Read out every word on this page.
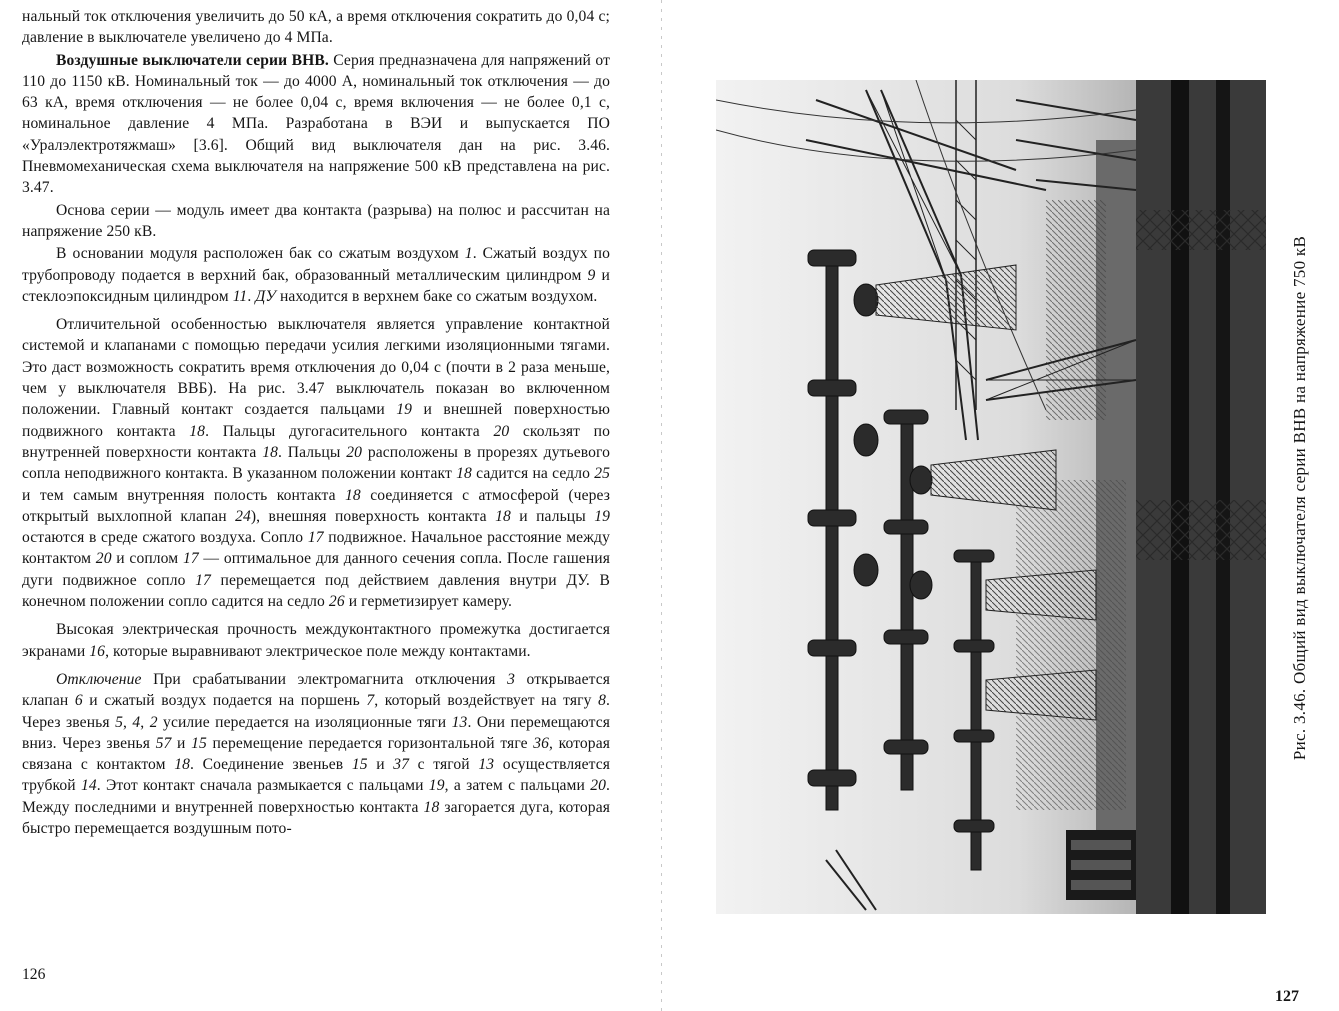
нальный ток отключения увеличить до 50 кА, а время отключения сократить до 0,04 с; давление в выключателе увеличено до 4 МПа.

Воздушные выключатели серии ВНВ. Серия предназначена для напряжений от 110 до 1150 кВ. Номинальный ток — до 4000 А, номинальный ток отключения — до 63 кА, время отключения — не более 0,04 с, время включения — не более 0,1 с, номинальное давление 4 МПа. Разработана в ВЭИ и выпускается ПО «Уралэлектротяжмаш» [3.6]. Общий вид выключателя дан на рис. 3.46. Пневмомеханическая схема выключателя на напряжение 500 кВ представлена на рис. 3.47.

Основа серии — модуль имеет два контакта (разрыва) на полюс и рассчитан на напряжение 250 кВ.

В основании модуля расположен бак со сжатым воздухом 1. Сжатый воздух по трубопроводу подается в верхний бак, образованный металлическим цилиндром 9 и стеклоэпоксидным цилиндром 11. ДУ находится в верхнем баке со сжатым воздухом.

Отличительной особенностью выключателя является управление контактной системой и клапанами с помощью передачи усилия легкими изоляционными тягами. Это даст возможность сократить время отключения до 0,04 с (почти в 2 раза меньше, чем у выключателя ВВБ). На рис. 3.47 выключатель показан во включенном положении. Главный контакт создается пальцами 19 и внешней поверхностью подвижного контакта 18. Пальцы дугогасительного контакта 20 скользят по внутренней поверхности контакта 18. Пальцы 20 расположены в прорезях дутьевого сопла неподвижного контакта. В указанном положении контакт 18 садится на седло 25 и тем самым внутренняя полость контакта 18 соединяется с атмосферой (через открытый выхлопной клапан 24), внешняя поверхность контакта 18 и пальцы 19 остаются в среде сжатого воздуха. Сопло 17 подвижное. Начальное расстояние между контактом 20 и соплом 17 — оптимальное для данного сечения сопла. После гашения дуги подвижное сопло 17 перемещается под действием давления внутри ДУ. В конечном положении сопло садится на седло 26 и герметизирует камеру.

Высокая электрическая прочность междуконтактного промежутка достигается экранами 16, которые выравнивают электрическое поле между контактами.

Отключение При срабатывании электромагнита отключения 3 открывается клапан 6 и сжатый воздух подается на поршень 7, который воздействует на тягу 8. Через звенья 5, 4, 2 усилие передается на изоляционные тяги 13. Они перемещаются вниз. Через звенья 57 и 15 перемещение передается горизонтальной тяге 36, которая связана с контактом 18. Соединение звеньев 15 и 37 с тягой 13 осуществляется трубкой 14. Этот контакт сначала размыкается с пальцами 19, а затем с пальцами 20. Между последними и внутренней поверхностью контакта 18 загорается дуга, которая быстро перемещается воздушным пото-

126
Рис. 3.46. Общий вид выключателя серии ВНВ на напряжение 750 кВ
127
